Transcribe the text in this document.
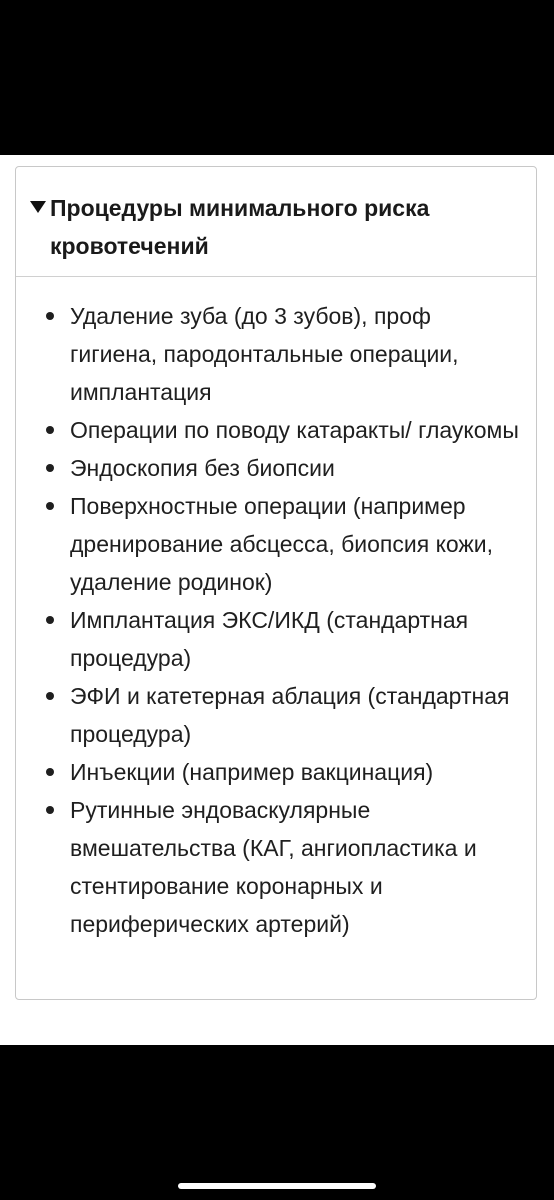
Процедуры минимального риска кровотечений
Удаление зуба (до 3 зубов), проф гигиена, пародонтальные операции, имплантация
Операции по поводу катаракты/ глаукомы
Эндоскопия без биопсии
Поверхностные операции (например дренирование абсцесса, биопсия кожи, удаление родинок)
Имплантация ЭКС/ИКД (стандартная процедура)
ЭФИ и катетерная аблация (стандартная процедура)
Инъекции (например вакцинация)
Рутинные эндоваскулярные вмешательства (КАГ, ангиопластика и стентирование коронарных и периферических артерий)
